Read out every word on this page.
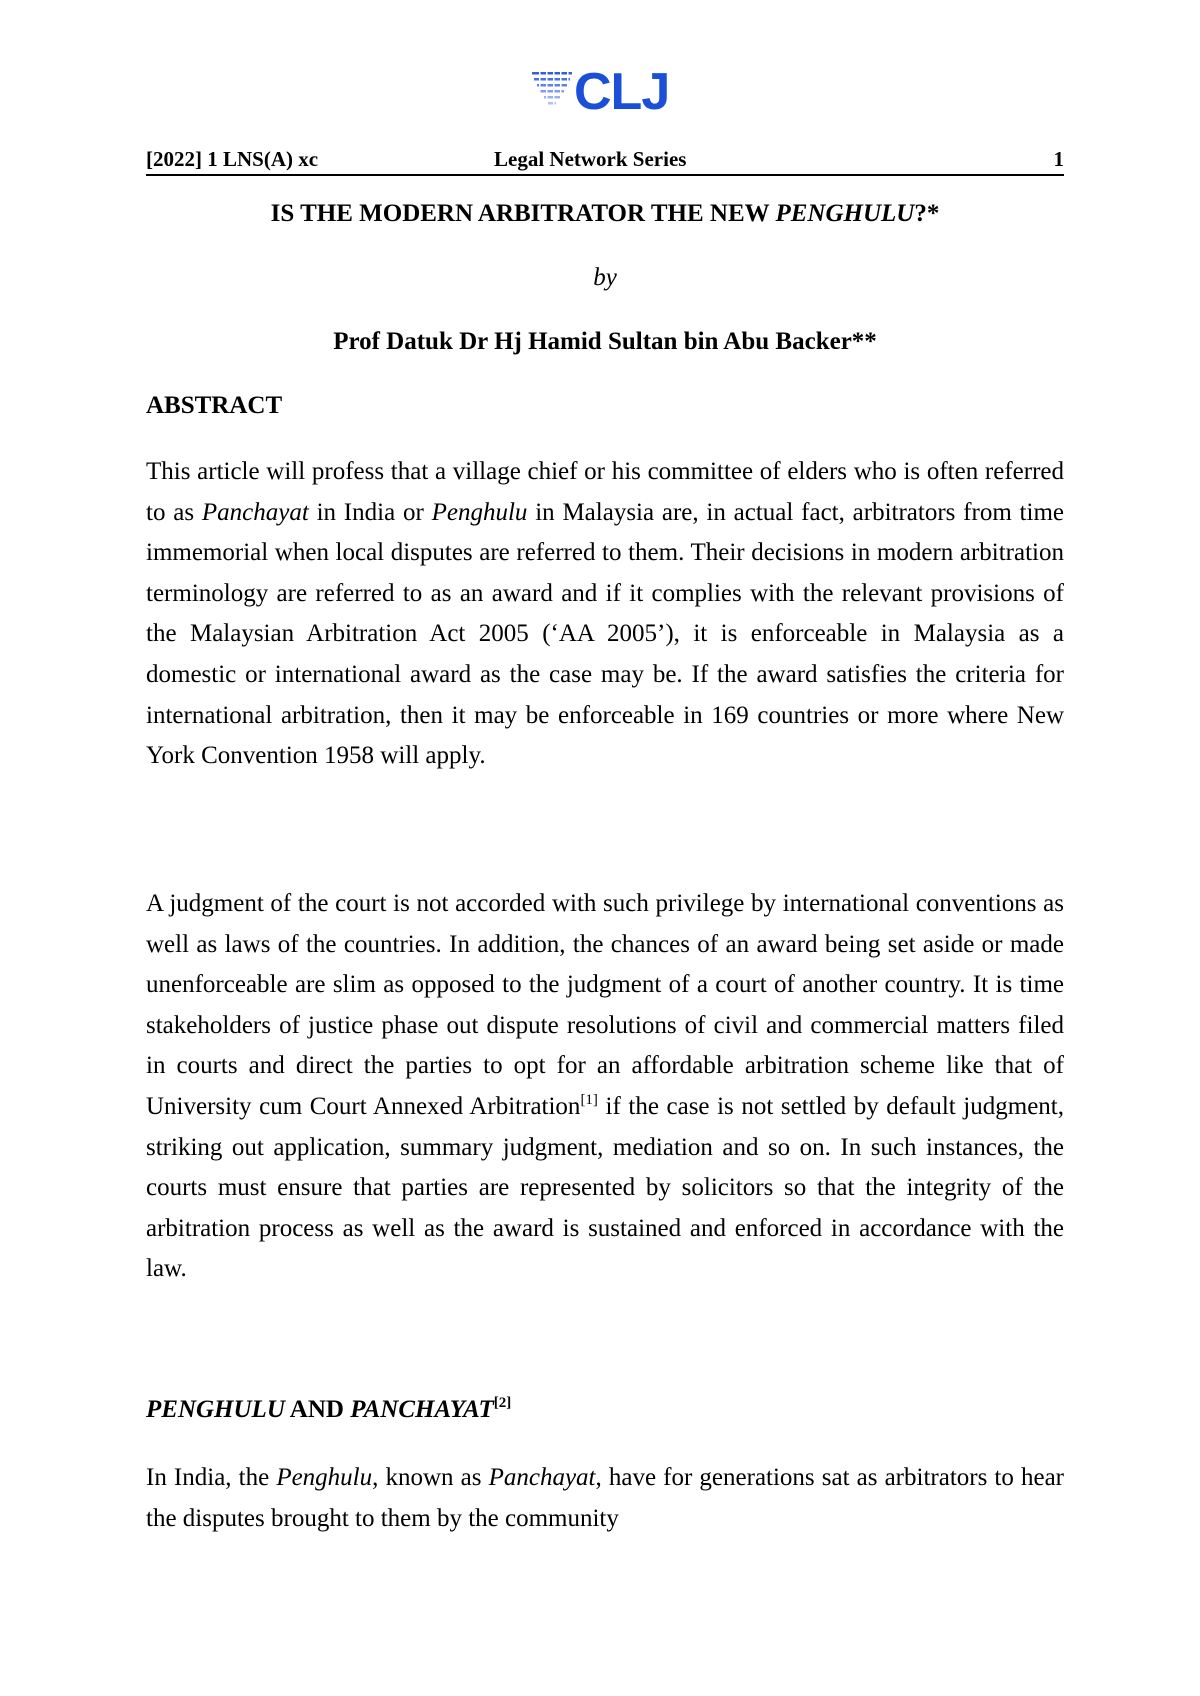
CLJ
[2022] 1 LNS(A) xc	Legal Network Series	1
IS THE MODERN ARBITRATOR THE NEW PENGHULU?*
by
Prof Datuk Dr Hj Hamid Sultan bin Abu Backer**
ABSTRACT
This article will profess that a village chief or his committee of elders who is often referred to as Panchayat in India or Penghulu in Malaysia are, in actual fact, arbitrators from time immemorial when local disputes are referred to them. Their decisions in modern arbitration terminology are referred to as an award and if it complies with the relevant provisions of the Malaysian Arbitration Act 2005 (‘AA 2005’), it is enforceable in Malaysia as a domestic or international award as the case may be. If the award satisfies the criteria for international arbitration, then it may be enforceable in 169 countries or more where New York Convention 1958 will apply.
A judgment of the court is not accorded with such privilege by international conventions as well as laws of the countries. In addition, the chances of an award being set aside or made unenforceable are slim as opposed to the judgment of a court of another country. It is time stakeholders of justice phase out dispute resolutions of civil and commercial matters filed in courts and direct the parties to opt for an affordable arbitration scheme like that of University cum Court Annexed Arbitration[1] if the case is not settled by default judgment, striking out application, summary judgment, mediation and so on. In such instances, the courts must ensure that parties are represented by solicitors so that the integrity of the arbitration process as well as the award is sustained and enforced in accordance with the law.
PENGHULU AND PANCHAYAT[2]
In India, the Penghulu, known as Panchayat, have for generations sat as arbitrators to hear the disputes brought to them by the community
